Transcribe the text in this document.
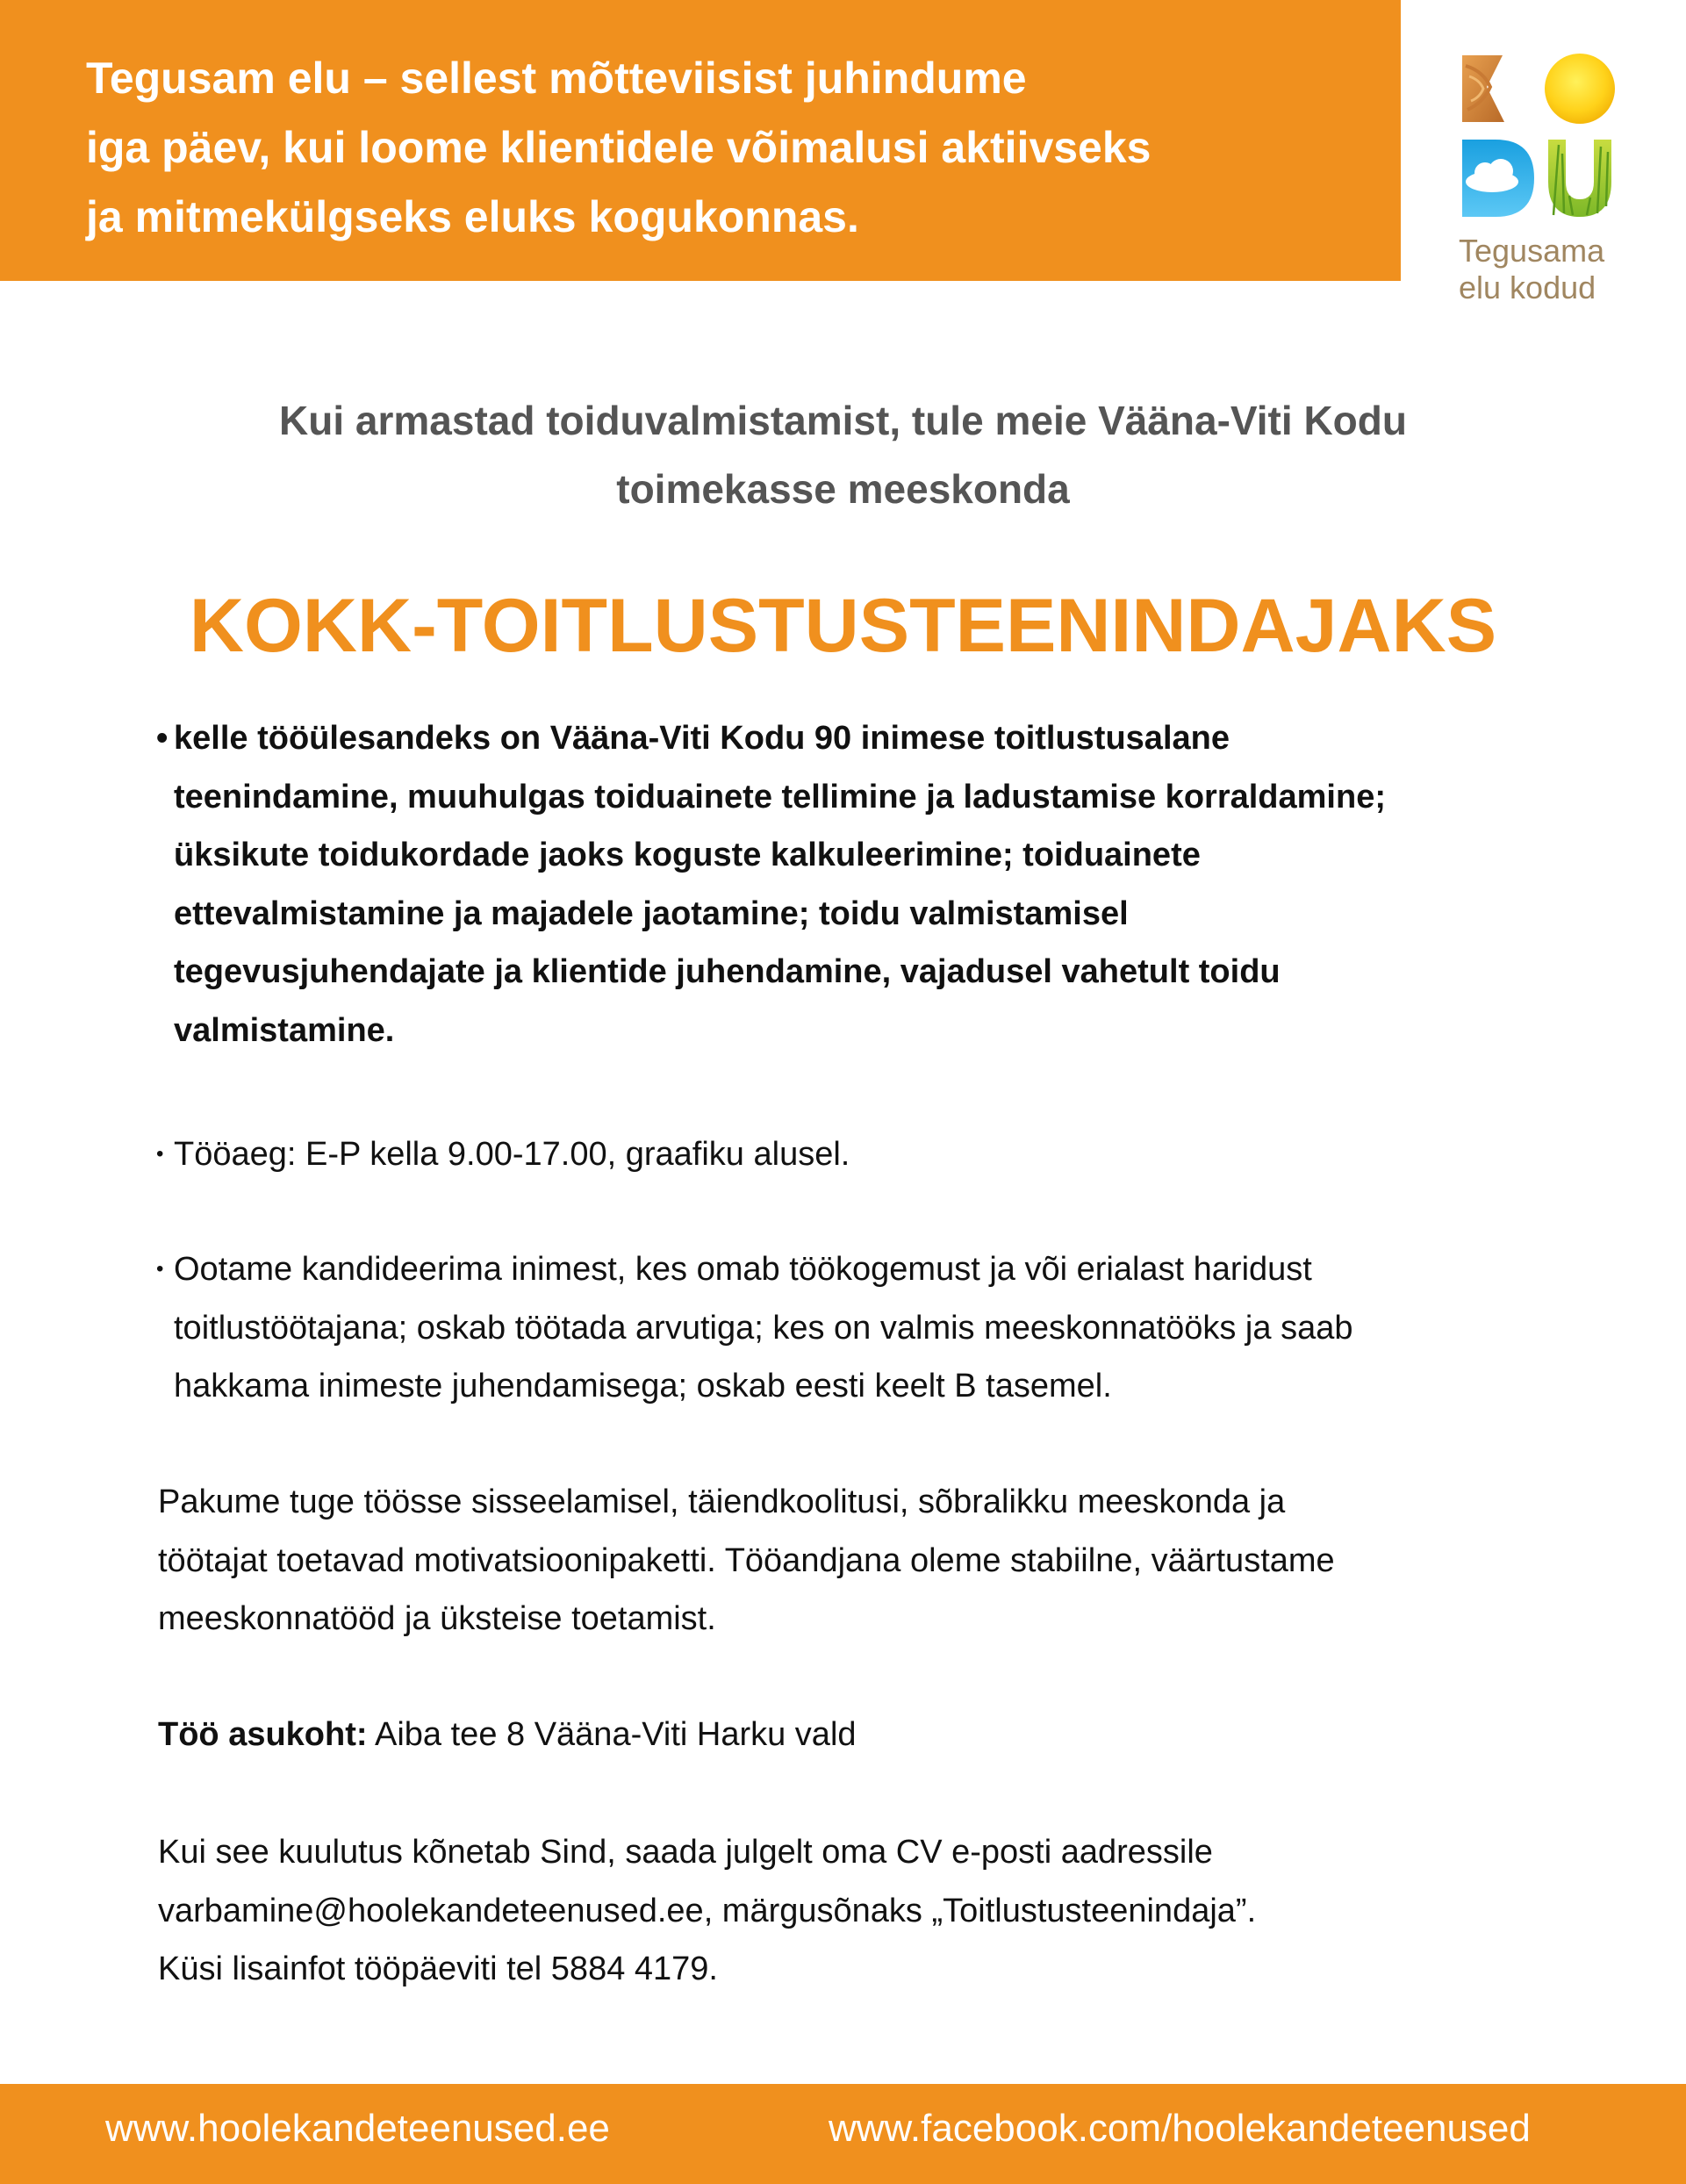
Tegusam elu – sellest mõtteviisist juhindume
iga päev, kui loome klientidele võimalusi aktiivseks
ja mitmekülgseks eluks kogukonnas.
Tegusama
elu kodud
Kui armastad toiduvalmistamist, tule meie Vääna-Viti Kodu
toimekasse meeskonda
KOKK-TOITLUSTUSTEENINDAJAKS
• kelle tööülesandeks on Vääna-Viti Kodu 90 inimese toitlustusalane
teenindamine, muuhulgas toiduainete tellimine ja ladustamise korraldamine;
üksikute toidukordade jaoks koguste kalkuleerimine; toiduainete
ettevalmistamine ja majadele jaotamine; toidu valmistamisel
tegevusjuhendajate ja klientide juhendamine, vajadusel vahetult toidu
valmistamine.
• Tööaeg: E-P kella 9.00-17.00, graafiku alusel.
• Ootame kandideerima inimest, kes omab töökogemust ja või erialast haridust
toitlustöötajana; oskab töötada arvutiga; kes on valmis meeskonnatööks ja saab
hakkama inimeste juhendamisega; oskab eesti keelt B tasemel.
Pakume tuge töösse sisseelamisel, täiendkoolitusi, sõbralikku meeskonda ja
töötajat toetavad motivatsioonipaketti. Tööandjana oleme stabiilne, väärtustame
meeskonnatööd ja üksteise toetamist.
Töö asukoht: Aiba tee 8 Vääna-Viti Harku vald
Kui see kuulutus kõnetab Sind, saada julgelt oma CV e-posti aadressile
varbamine@hoolekandeteenused.ee, märgusõnaks „Toitlustusteenindaja”.
Küsi lisainfot tööpäeviti tel 5884 4179.
www.hoolekandeteenused.ee	www.facebook.com/hoolekandeteenused
